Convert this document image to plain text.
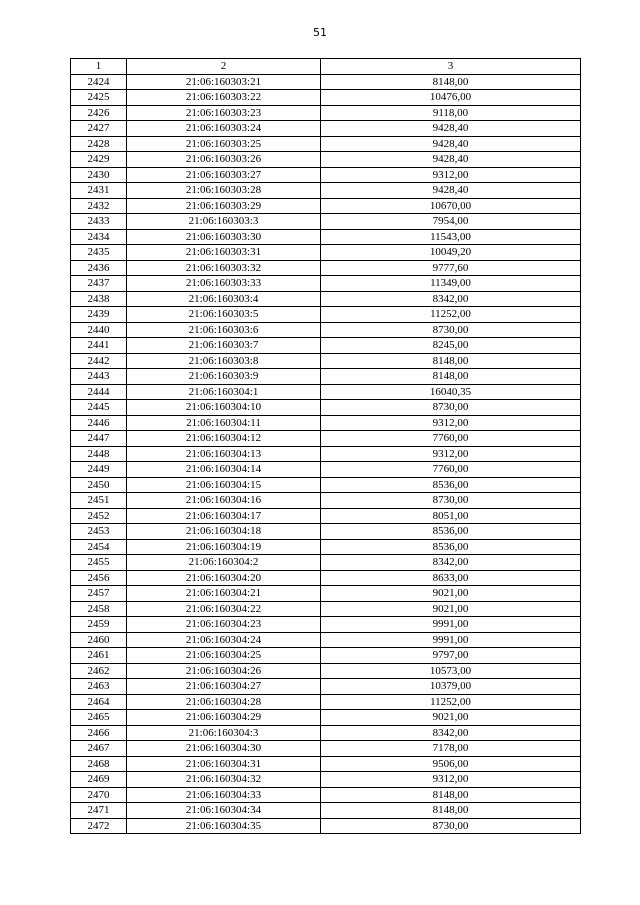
51
1	2	3
2424	21:06:160303:21	8148,00
2425	21:06:160303:22	10476,00
2426	21:06:160303:23	9118,00
2427	21:06:160303:24	9428,40
2428	21:06:160303:25	9428,40
2429	21:06:160303:26	9428,40
2430	21:06:160303:27	9312,00
2431	21:06:160303:28	9428,40
2432	21:06:160303:29	10670,00
2433	21:06:160303:3	7954,00
2434	21:06:160303:30	11543,00
2435	21:06:160303:31	10049,20
2436	21:06:160303:32	9777,60
2437	21:06:160303:33	11349,00
2438	21:06:160303:4	8342,00
2439	21:06:160303:5	11252,00
2440	21:06:160303:6	8730,00
2441	21:06:160303:7	8245,00
2442	21:06:160303:8	8148,00
2443	21:06:160303:9	8148,00
2444	21:06:160304:1	16040,35
2445	21:06:160304:10	8730,00
2446	21:06:160304:11	9312,00
2447	21:06:160304:12	7760,00
2448	21:06:160304:13	9312,00
2449	21:06:160304:14	7760,00
2450	21:06:160304:15	8536,00
2451	21:06:160304:16	8730,00
2452	21:06:160304:17	8051,00
2453	21:06:160304:18	8536,00
2454	21:06:160304:19	8536,00
2455	21:06:160304:2	8342,00
2456	21:06:160304:20	8633,00
2457	21:06:160304:21	9021,00
2458	21:06:160304:22	9021,00
2459	21:06:160304:23	9991,00
2460	21:06:160304:24	9991,00
2461	21:06:160304:25	9797,00
2462	21:06:160304:26	10573,00
2463	21:06:160304:27	10379,00
2464	21:06:160304:28	11252,00
2465	21:06:160304:29	9021,00
2466	21:06:160304:3	8342,00
2467	21:06:160304:30	7178,00
2468	21:06:160304:31	9506,00
2469	21:06:160304:32	9312,00
2470	21:06:160304:33	8148,00
2471	21:06:160304:34	8148,00
2472	21:06:160304:35	8730,00
